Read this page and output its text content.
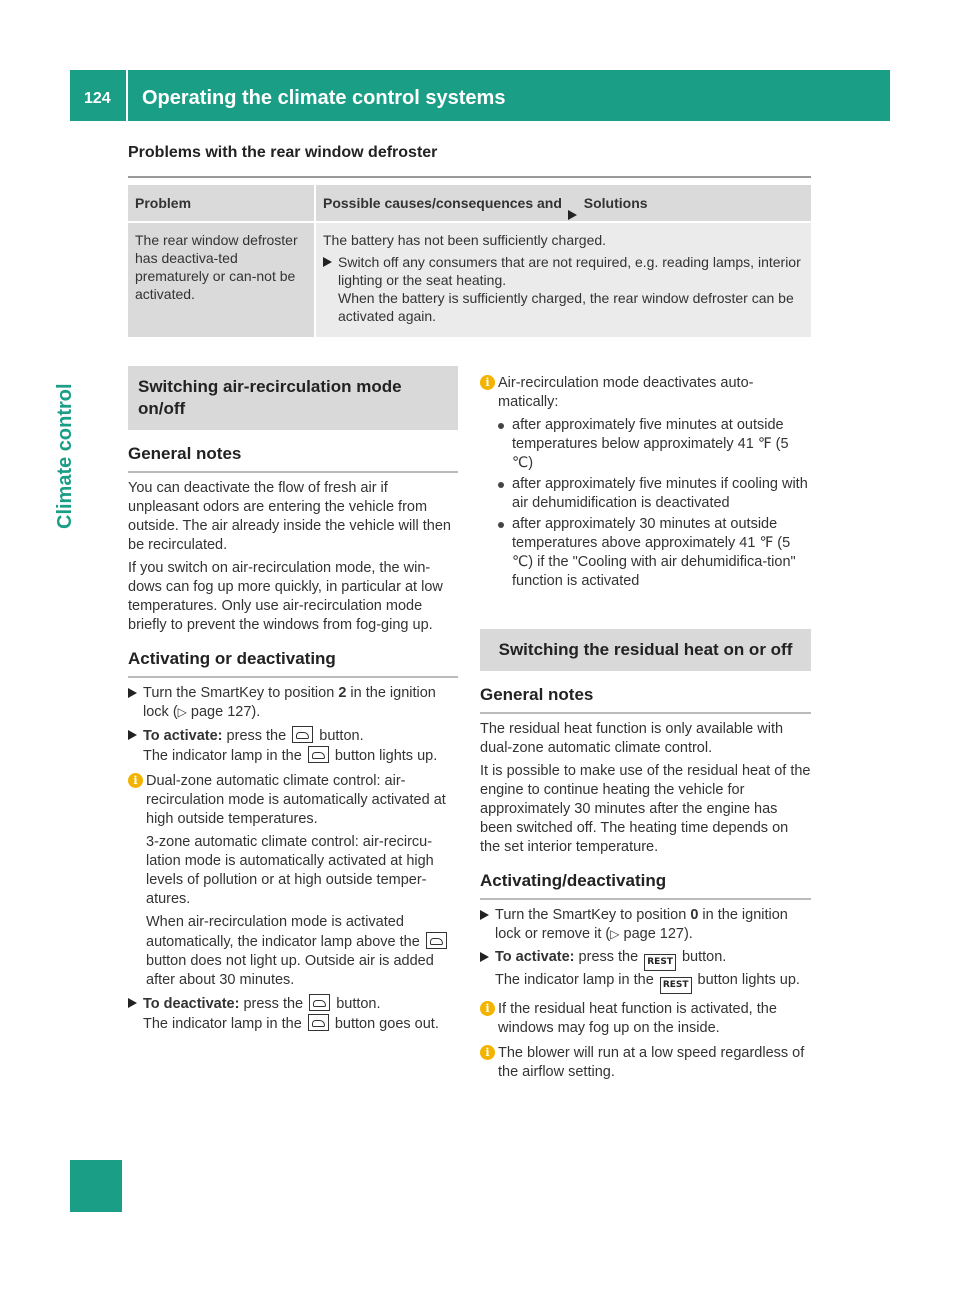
124 Operating the climate control systems
Climate control
Problems with the rear window defroster
Problem	Possible causes/consequences and Solutions
The rear window defroster has deactiva-ted prematurely or can-not be activated.	The battery has not been sufficiently charged.
Switch off any consumers that are not required, e.g. reading lamps, interior lighting or the seat heating.
When the battery is sufficiently charged, the rear window defroster can be activated again.
Switching air-recirculation mode on/off
General notes

You can deactivate the flow of fresh air if unpleasant odors are entering the vehicle from outside. The air already inside the vehicle will then be recirculated.

If you switch on air-recirculation mode, the win-dows can fog up more quickly, in particular at low temperatures. Only use air-recirculation mode briefly to prevent the windows from fog-ging up.

Activating or deactivating
Turn the SmartKey to position 2 in the ignition lock (▷ page 127).
To activate: press the button.
The indicator lamp in the button lights up.
i Dual-zone automatic climate control: air-recirculation mode is automatically activated at high outside temperatures.

3-zone automatic climate control: air-recircu-lation mode is automatically activated at high levels of pollution or at high outside temper-atures.

When air-recirculation mode is activated automatically, the indicator lamp above the  button does not light up. Outside air is added after about 30 minutes.

To deactivate: press the button.
The indicator lamp in the button goes out.
i Air-recirculation mode deactivates auto-matically:

after approximately five minutes at outside temperatures below approximately 41 ℉ (5 ℃)
after approximately five minutes if cooling with air dehumidification is deactivated
after approximately 30 minutes at outside temperatures above approximately 41 ℉ (5 ℃) if the "Cooling with air dehumidifica-tion" function is activated
Switching the residual heat on or off
General notes

The residual heat function is only available with dual-zone automatic climate control.

It is possible to make use of the residual heat of the engine to continue heating the vehicle for approximately 30 minutes after the engine has been switched off. The heating time depends on the set interior temperature.

Activating/deactivating
Turn the SmartKey to position 0 in the ignition lock or remove it (▷ page 127).
To activate: press the REST button.
The indicator lamp in the REST button lights up.
i If the residual heat function is activated, the windows may fog up on the inside.

i The blower will run at a low speed regardless of the airflow setting.
